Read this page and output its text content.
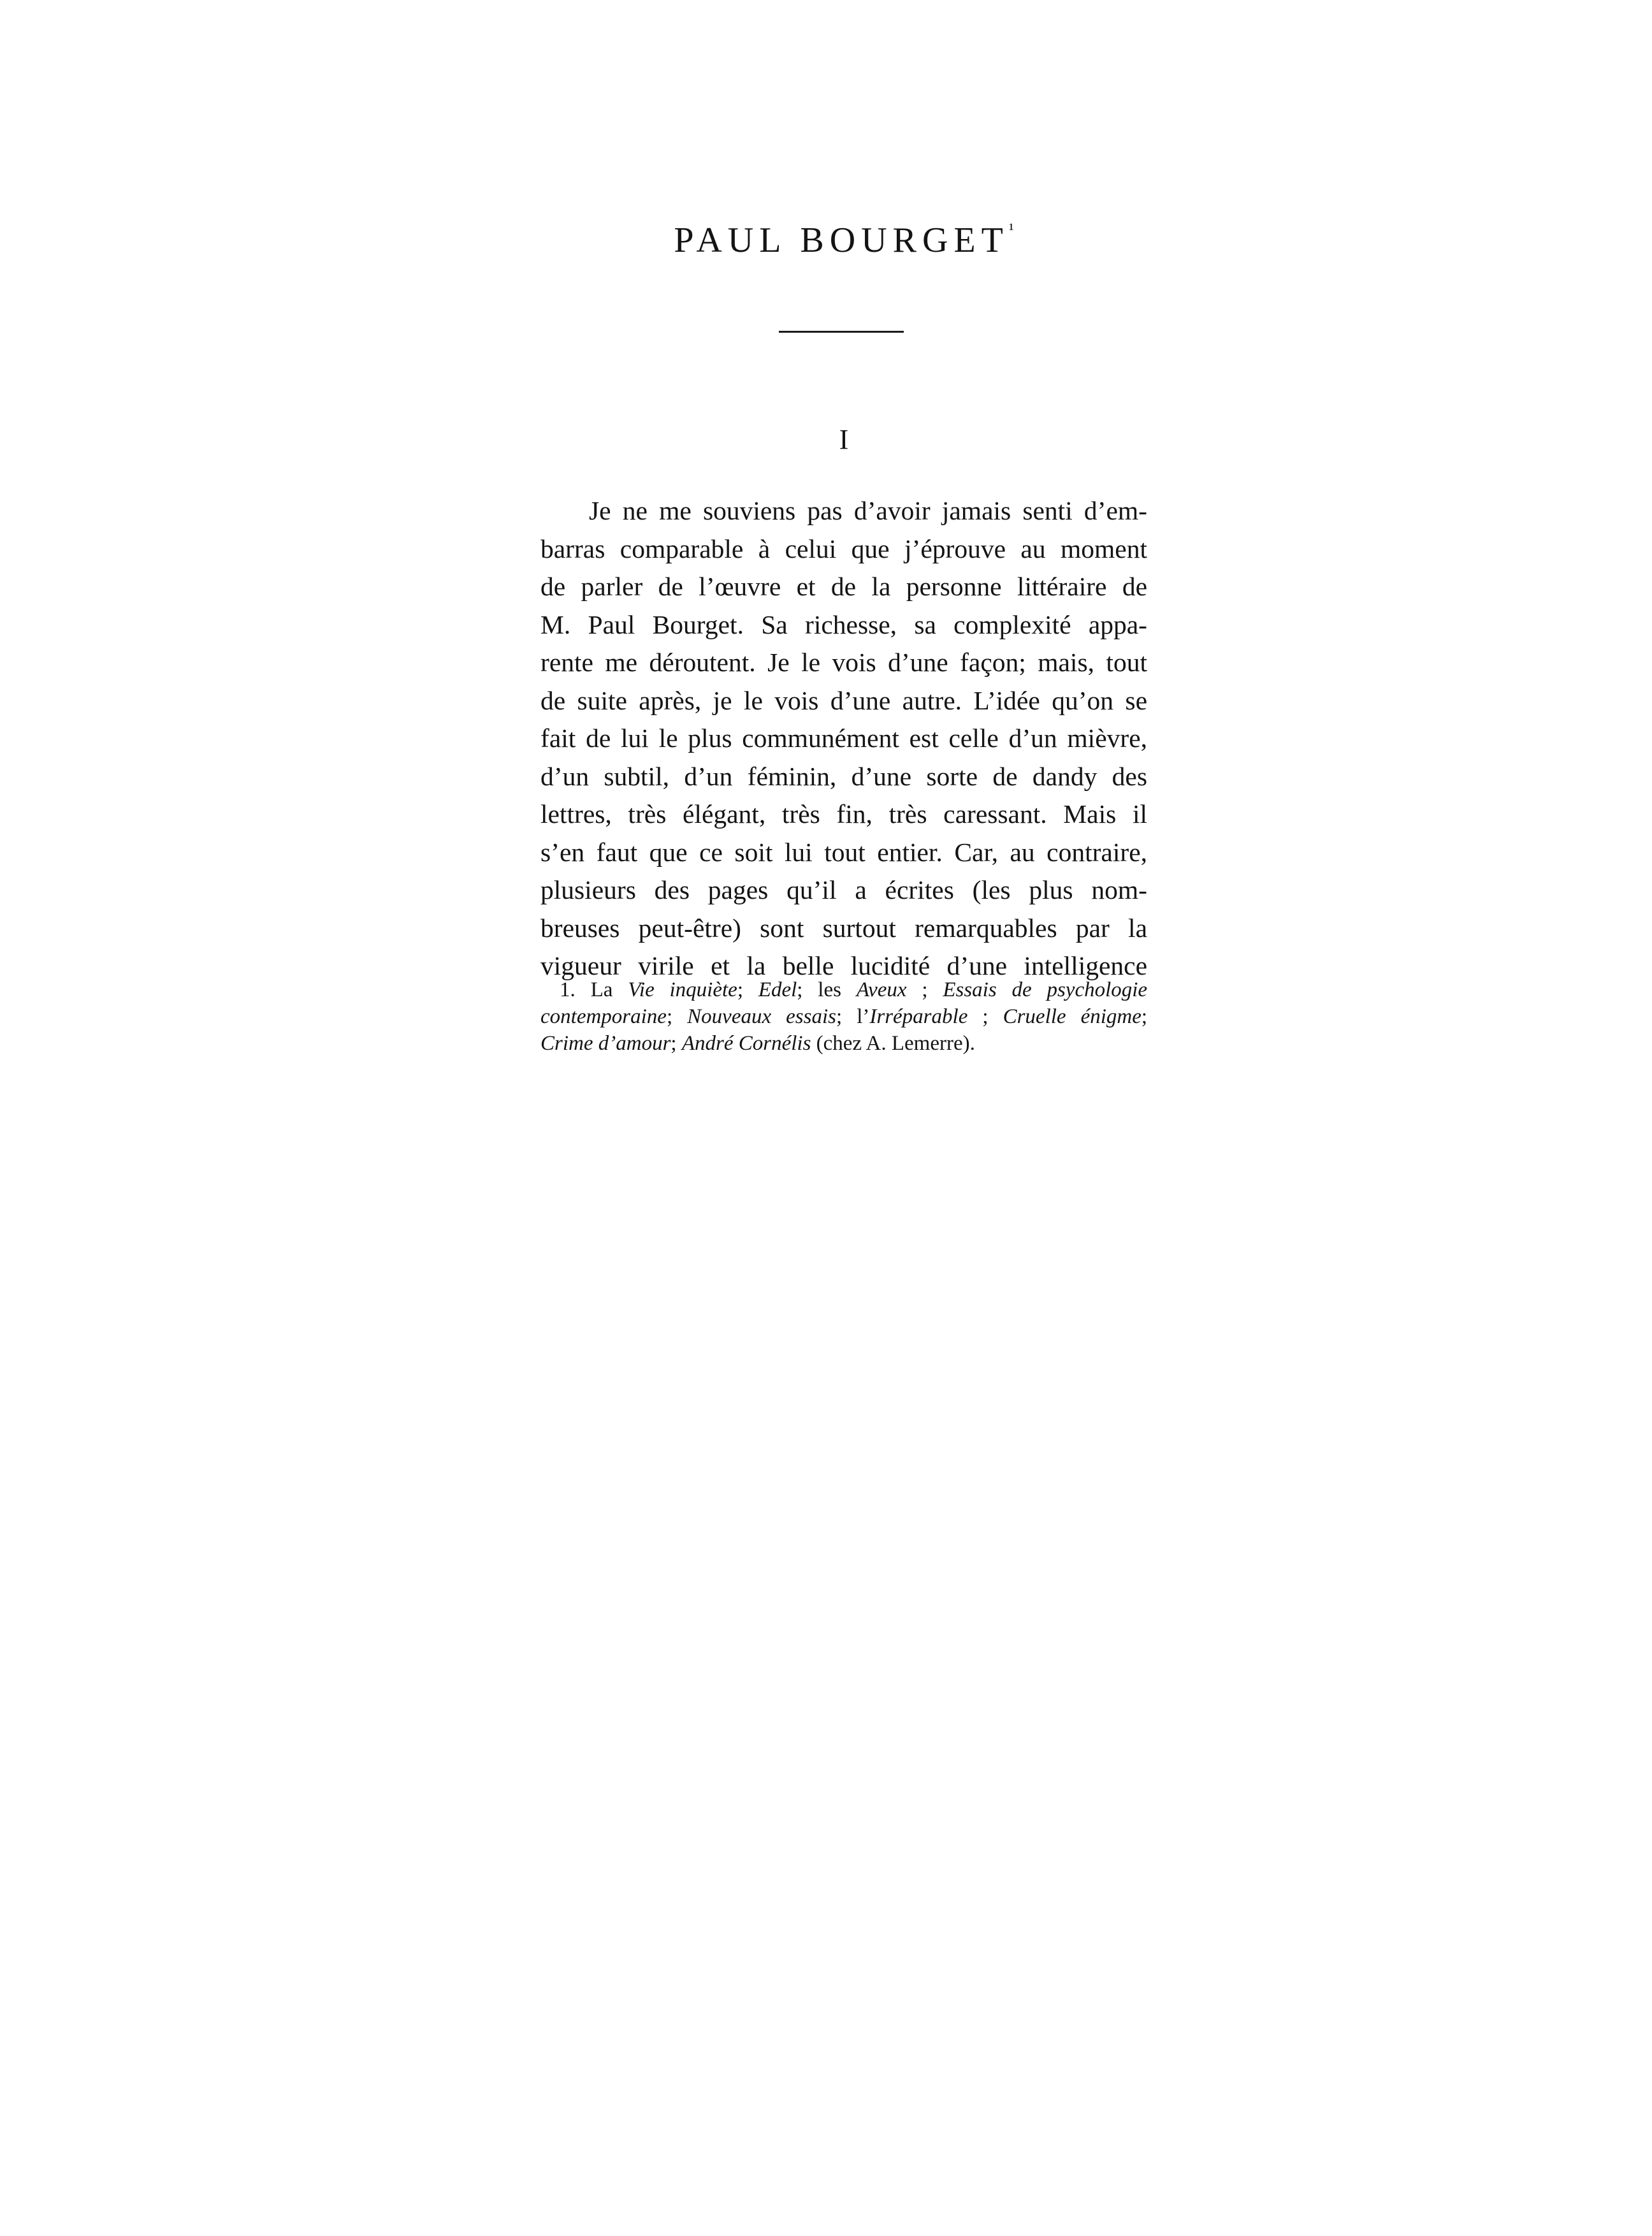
PAUL $BOURGET^{^1}$
I
Je ne me souviens pas d’avoir jamais senti d’em-
barras comparable à celui que j’éprouve au moment
de parler de l’œuvre et de la personne littéraire de
M. Paul Bourget. Sa richesse, sa complexité appa-
rente me déroutent. Je le vois d’une façon; mais, tout
de suite après, je le vois d’une autre. L’idée qu’on se
fait de lui le plus communément est celle d’un mièvre,
d’un subtil, d’un féminin, d’une sorte de dandy des
lettres, très élégant, très fin, très caressant. Mais il
s’en faut que ce soit lui tout entier. Car, au contraire,
plusieurs des pages qu’il a écrites (les plus nom-
breuses peut-être) sont surtout remarquables par la
vigueur virile et la belle lucidité d’une intelligence
1. La Vie inquiète; Edel; les Aveux ; Essais de psychologie
contemporaine; Nouveaux essais; l’Irréparable ; Cruelle énigme;
Crime d’amour; André Cornélis (chez A. Lemerre).
